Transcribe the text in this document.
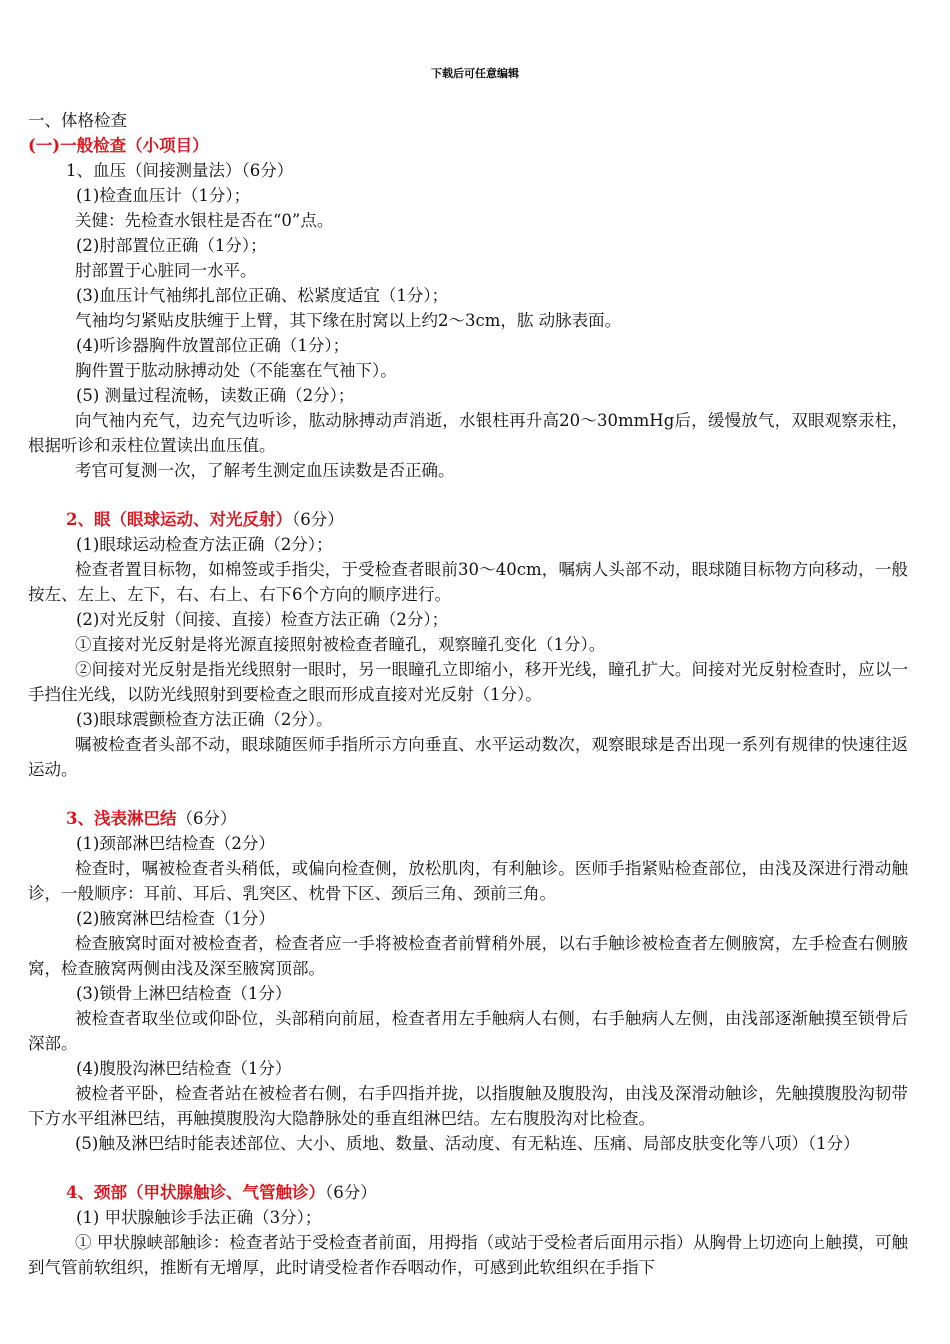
下载后可任意编辑
一、体格检查
(一)一般检查（小项目）
1、血压（间接测量法）（6分）
(1)检查血压计（1分）；
关健：先检查水银柱是否在“0”点。
(2)肘部置位正确（1分）；
肘部置于心脏同一水平。
(3)血压计气袖绑扎部位正确、松紧度适宜（1分）；
气袖均匀紧贴皮肤缠于上臂，其下缘在肘窝以上约2～3cm，肱 动脉表面。
(4)听诊器胸件放置部位正确（1分）；
胸件置于肱动脉搏动处（不能塞在气袖下）。
(5) 测量过程流畅，读数正确（2分）；
向气袖内充气，边充气边听诊，肱动脉搏动声消逝，水银柱再升高20～30mmHg后，缓慢放气，双眼观察汞柱，根据听诊和汞柱位置读出血压值。
考官可复测一次，了解考生测定血压读数是否正确。
2、眼（眼球运动、对光反射）（6分）
(1)眼球运动检查方法正确（2分）；
检查者置目标物，如棉签或手指尖，于受检查者眼前30～40cm，嘱病人头部不动，眼球随目标物方向移动，一般按左、左上、左下，右、右上、右下6个方向的顺序进行。
(2)对光反射（间接、直接）检查方法正确（2分）；
①直接对光反射是将光源直接照射被检查者瞳孔，观察瞳孔变化（1分）。
②间接对光反射是指光线照射一眼时，另一眼瞳孔立即缩小，移开光线，瞳孔扩大。间接对光反射检查时，应以一手挡住光线，以防光线照射到要检查之眼而形成直接对光反射（1分）。
(3)眼球震颤检查方法正确（2分）。
嘱被检查者头部不动，眼球随医师手指所示方向垂直、水平运动数次，观察眼球是否出现一系列有规律的快速往返运动。
3、浅表淋巴结（6分）
(1)颈部淋巴结检查（2分）
检查时，嘱被检查者头稍低，或偏向检查侧，放松肌肉，有利触诊。医师手指紧贴检查部位，由浅及深进行滑动触诊，一般顺序：耳前、耳后、乳突区、枕骨下区、颈后三角、颈前三角。
(2)腋窝淋巴结检查（1分）
检查腋窝时面对被检查者，检查者应一手将被检查者前臂稍外展，以右手触诊被检查者左侧腋窝，左手检查右侧腋窝，检查腋窝两侧由浅及深至腋窝顶部。
(3)锁骨上淋巴结检查（1分）
被检查者取坐位或仰卧位，头部稍向前屈，检查者用左手触病人右侧，右手触病人左侧，由浅部逐渐触摸至锁骨后深部。
(4)腹股沟淋巴结检查（1分）
被检者平卧，检查者站在被检者右侧，右手四指并拢，以指腹触及腹股沟，由浅及深滑动触诊，先触摸腹股沟韧带下方水平组淋巴结，再触摸腹股沟大隐静脉处的垂直组淋巴结。左右腹股沟对比检查。
(5)触及淋巴结时能表述部位、大小、质地、数量、活动度、有无粘连、压痛、局部皮肤变化等八项）（1分）
4、颈部（甲状腺触诊、气管触诊）（6分）
(1) 甲状腺触诊手法正确（3分）；
① 甲状腺峡部触诊：检查者站于受检查者前面，用拇指（或站于受检者后面用示指）从胸骨上切迹向上触摸，可触到气管前软组织，推断有无增厚，此时请受检者作吞咽动作，可感到此软组织在手指下
